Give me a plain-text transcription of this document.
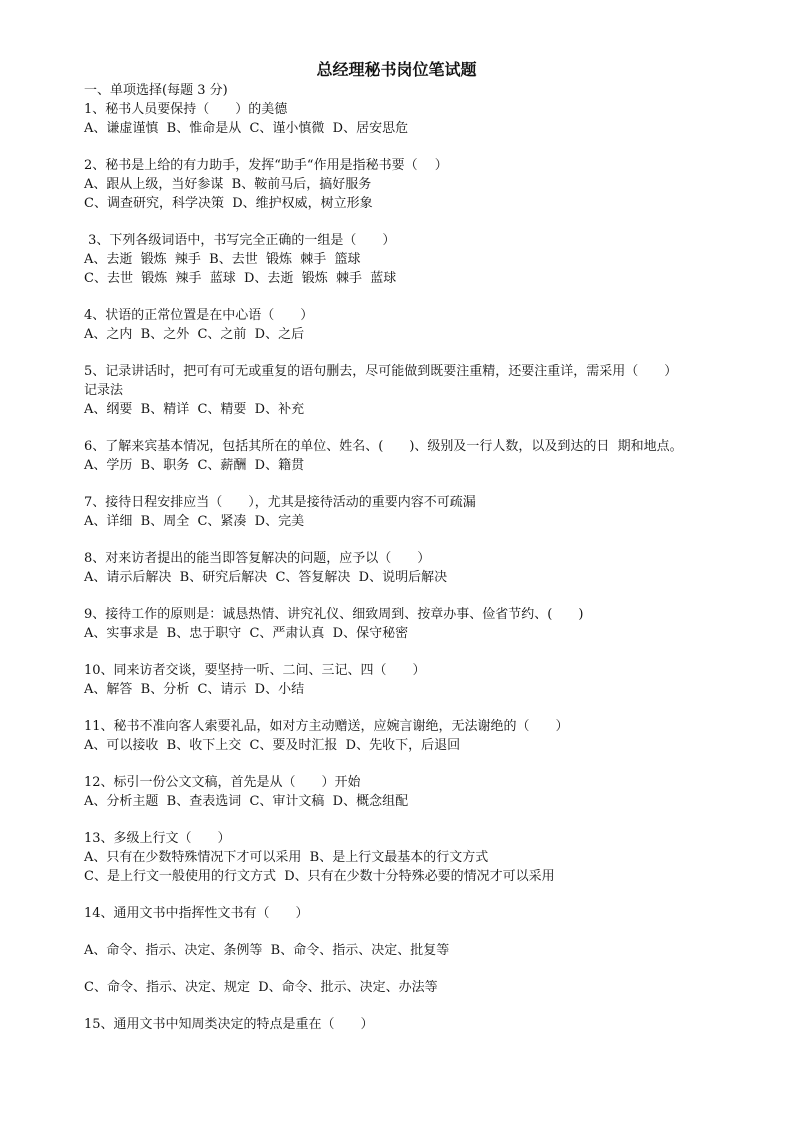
总经理秘书岗位笔试题
一、单项选择(每题 3 分)
1、秘书人员要保持（　　）的美德
A、谦虚谨慎  B、惟命是从  C、谨小慎微  D、居安思危
2、秘书是上给的有力助手，发挥“助手“作用是指秘书要（　 ）
A、跟从上级，当好参谋  B、鞍前马后，搞好服务
C、调查研究，科学决策  D、维护权威，树立形象
3、下列各级词语中，书写完全正确的一组是（　　）
A、去逝  锻炼  辣手  B、去世  锻炼  棘手  篮球
C、去世  锻炼  辣手  蓝球  D、去逝  锻炼  棘手  蓝球
4、状语的正常位置是在中心语（　　）
A、之内  B、之外  C、之前  D、之后
5、记录讲话时，把可有可无或重复的语句删去，尽可能做到既要注重精，还要注重详，需采用（　　）
记录法
A、纲要  B、精详  C、精要  D、补充
6、了解来宾基本情况，包括其所在的单位、姓名、(　　)、级别及一行人数，以及到达的日  期和地点。
A、学历  B、职务  C、薪酬  D、籍贯
7、接待日程安排应当（　　），尤其是接待活动的重要内容不可疏漏
A、详细  B、周全  C、紧凑  D、完美
8、对来访者提出的能当即答复解决的问题，应予以（　　）
A、请示后解决  B、研究后解决  C、答复解决  D、说明后解决
9、接待工作的原则是：诚恳热情、讲究礼仪、细致周到、按章办事、俭省节约、(　　)
A、实事求是  B、忠于职守  C、严肃认真  D、保守秘密
10、同来访者交谈，要坚持一听、二问、三记、四（　　）
A、解答  B、分析  C、请示  D、小结
11、秘书不准向客人索要礼品，如对方主动赠送，应婉言谢绝，无法谢绝的（　　）
A、可以接收  B、收下上交  C、要及时汇报  D、先收下，后退回
12、标引一份公文文稿，首先是从（　　）开始
A、分析主题  B、查表选词  C、审计文稿  D、概念组配
13、多级上行文（　　）
A、只有在少数特殊情况下才可以采用  B、是上行文最基本的行文方式
C、是上行文一般使用的行文方式  D、只有在少数十分特殊必要的情况才可以采用
14、通用文书中指挥性文书有（　　）
A、命令、指示、决定、条例等  B、命令、指示、决定、批复等
C、命令、指示、决定、规定  D、命令、批示、决定、办法等
15、通用文书中知周类决定的特点是重在（　　）
